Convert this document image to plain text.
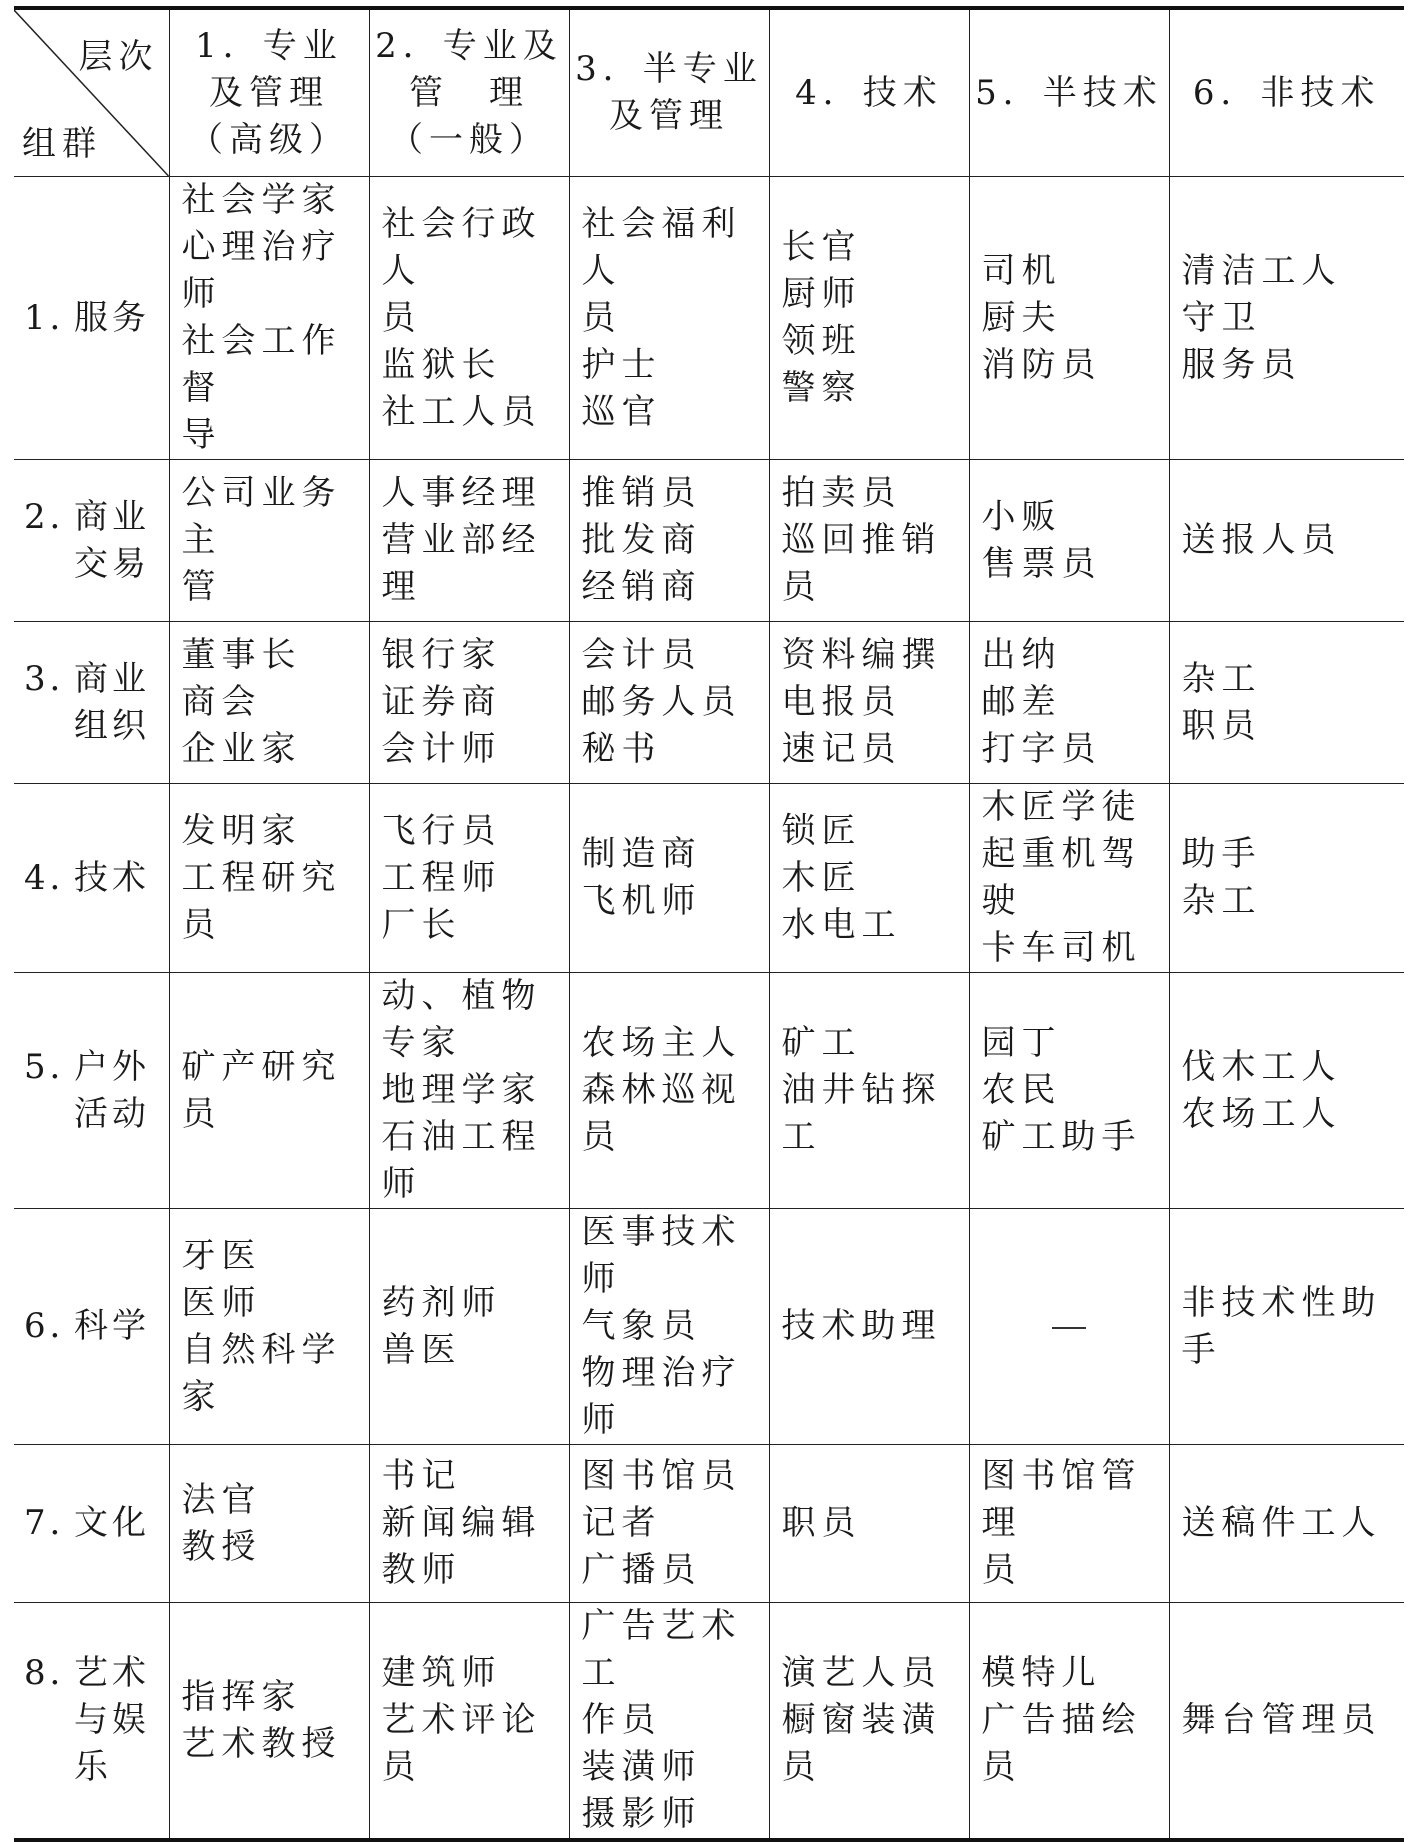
层次
组群	1．专业
及管理
（高级）	2．专业及
管　理
（一般）	3．半专业
及管理	4．技术	5．半技术	6．非技术

1．服务	社会学家
心理治疗师
社会工作督
导	社会行政人
员
监狱长
社工人员	社会福利人
员
护士
巡官	长官
厨师
领班
警察	司机
厨夫
消防员	清洁工人
守卫
服务员

2．商业
交易	公司业务主
管	人事经理
营业部经理	推销员
批发商
经销商	拍卖员
巡回推销员	小贩
售票员	送报人员

3．商业
组织	董事长
商会
企业家	银行家
证券商
会计师	会计员
邮务人员
秘书	资料编撰
电报员
速记员	出纳
邮差
打字员	杂工
职员

4．技术	发明家
工程研究员	飞行员
工程师
厂长	制造商
飞机师	锁匠
木匠
水电工	木匠学徒
起重机驾驶
卡车司机	助手
杂工

5．户外
活动	矿产研究员	动、植物专家
地理学家
石油工程师	农场主人
森林巡视员	矿工
油井钻探工	园丁
农民
矿工助手	伐木工人
农场工人

6．科学	牙医
医师
自然科学家	药剂师
兽医	医事技术师
气象员
物理治疗师	技术助理		非技术性助
手

7．文化	法官
教授	书记
新闻编辑
教师	图书馆员
记者
广播员	职员	图书馆管理
员	送稿件工人

8．艺术
与娱
乐	指挥家
艺术教授	建筑师
艺术评论员	广告艺术工
作员
装潢师
摄影师	演艺人员
橱窗装潢员	模特儿
广告描绘员	舞台管理员
